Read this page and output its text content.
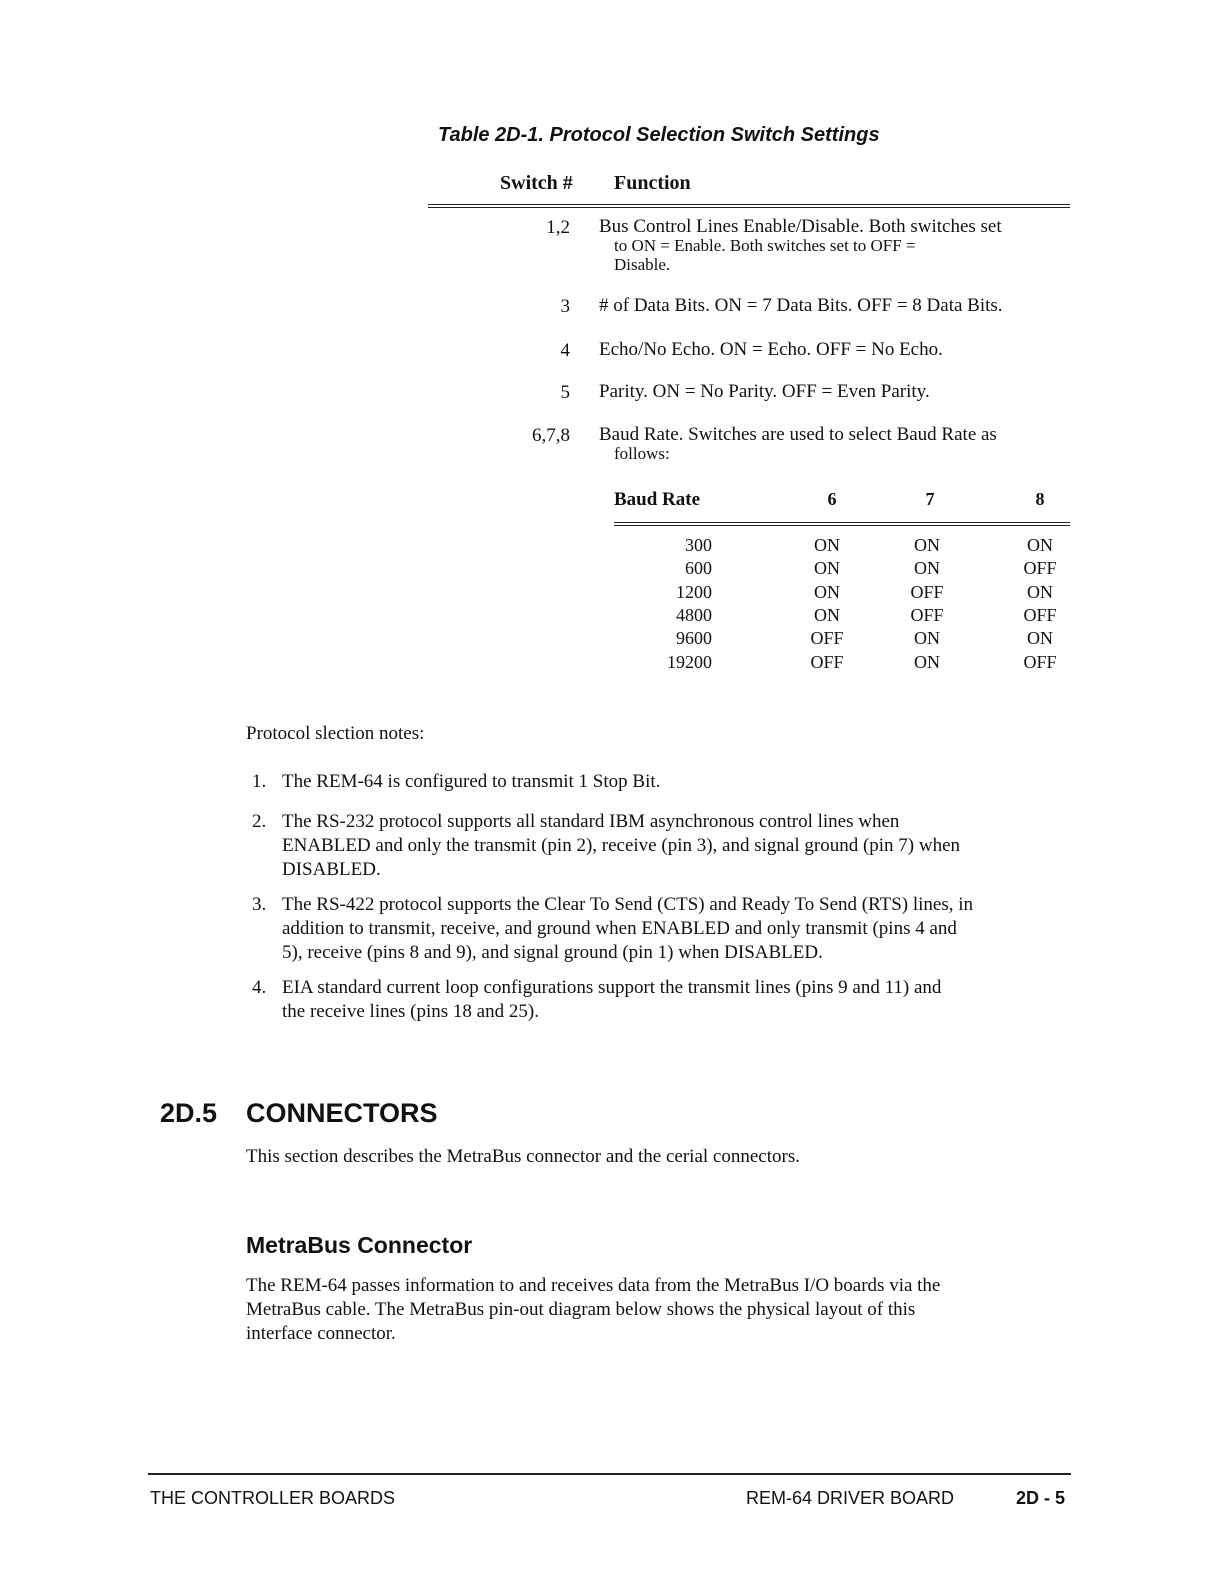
Table 2D-1. Protocol Selection Switch Settings
Switch # Function
1,2 Bus Control Lines Enable/Disable. Both switches set
to ON = Enable. Both switches set to OFF =
Disable.
3 # of Data Bits. ON = 7 Data Bits. OFF = 8 Data Bits.
4 Echo/No Echo. ON = Echo. OFF = No Echo.
5 Parity. ON = No Parity. OFF = Even Parity.
6,7,8 Baud Rate. Switches are used to select Baud Rate as
follows:
Baud Rate	6	7	8
300	ON	ON	ON
600	ON	ON	OFF
1200	ON	OFF	ON
4800	ON	OFF	OFF
9600	OFF	ON	ON
19200	OFF	ON	OFF
Protocol slection notes:
1. The REM-64 is configured to transmit 1 Stop Bit.
2. The RS-232 protocol supports all standard IBM asynchronous control lines when
ENABLED and only the transmit (pin 2), receive (pin 3), and signal ground (pin 7) when
DISABLED.
3. The RS-422 protocol supports the Clear To Send (CTS) and Ready To Send (RTS) lines, in
addition to transmit, receive, and ground when ENABLED and only transmit (pins 4 and
5), receive (pins 8 and 9), and signal ground (pin 1) when DISABLED.
4. EIA standard current loop configurations support the transmit lines (pins 9 and 11) and
the receive lines (pins 18 and 25).
2D.5 CONNECTORS
This section describes the MetraBus connector and the cerial connectors.
MetraBus Connector
The REM-64 passes information to and receives data from the MetraBus I/O boards via the
MetraBus cable. The MetraBus pin-out diagram below shows the physical layout of this
interface connector.
THE CONTROLLER BOARDS	REM-64 DRIVER BOARD	2D - 5
